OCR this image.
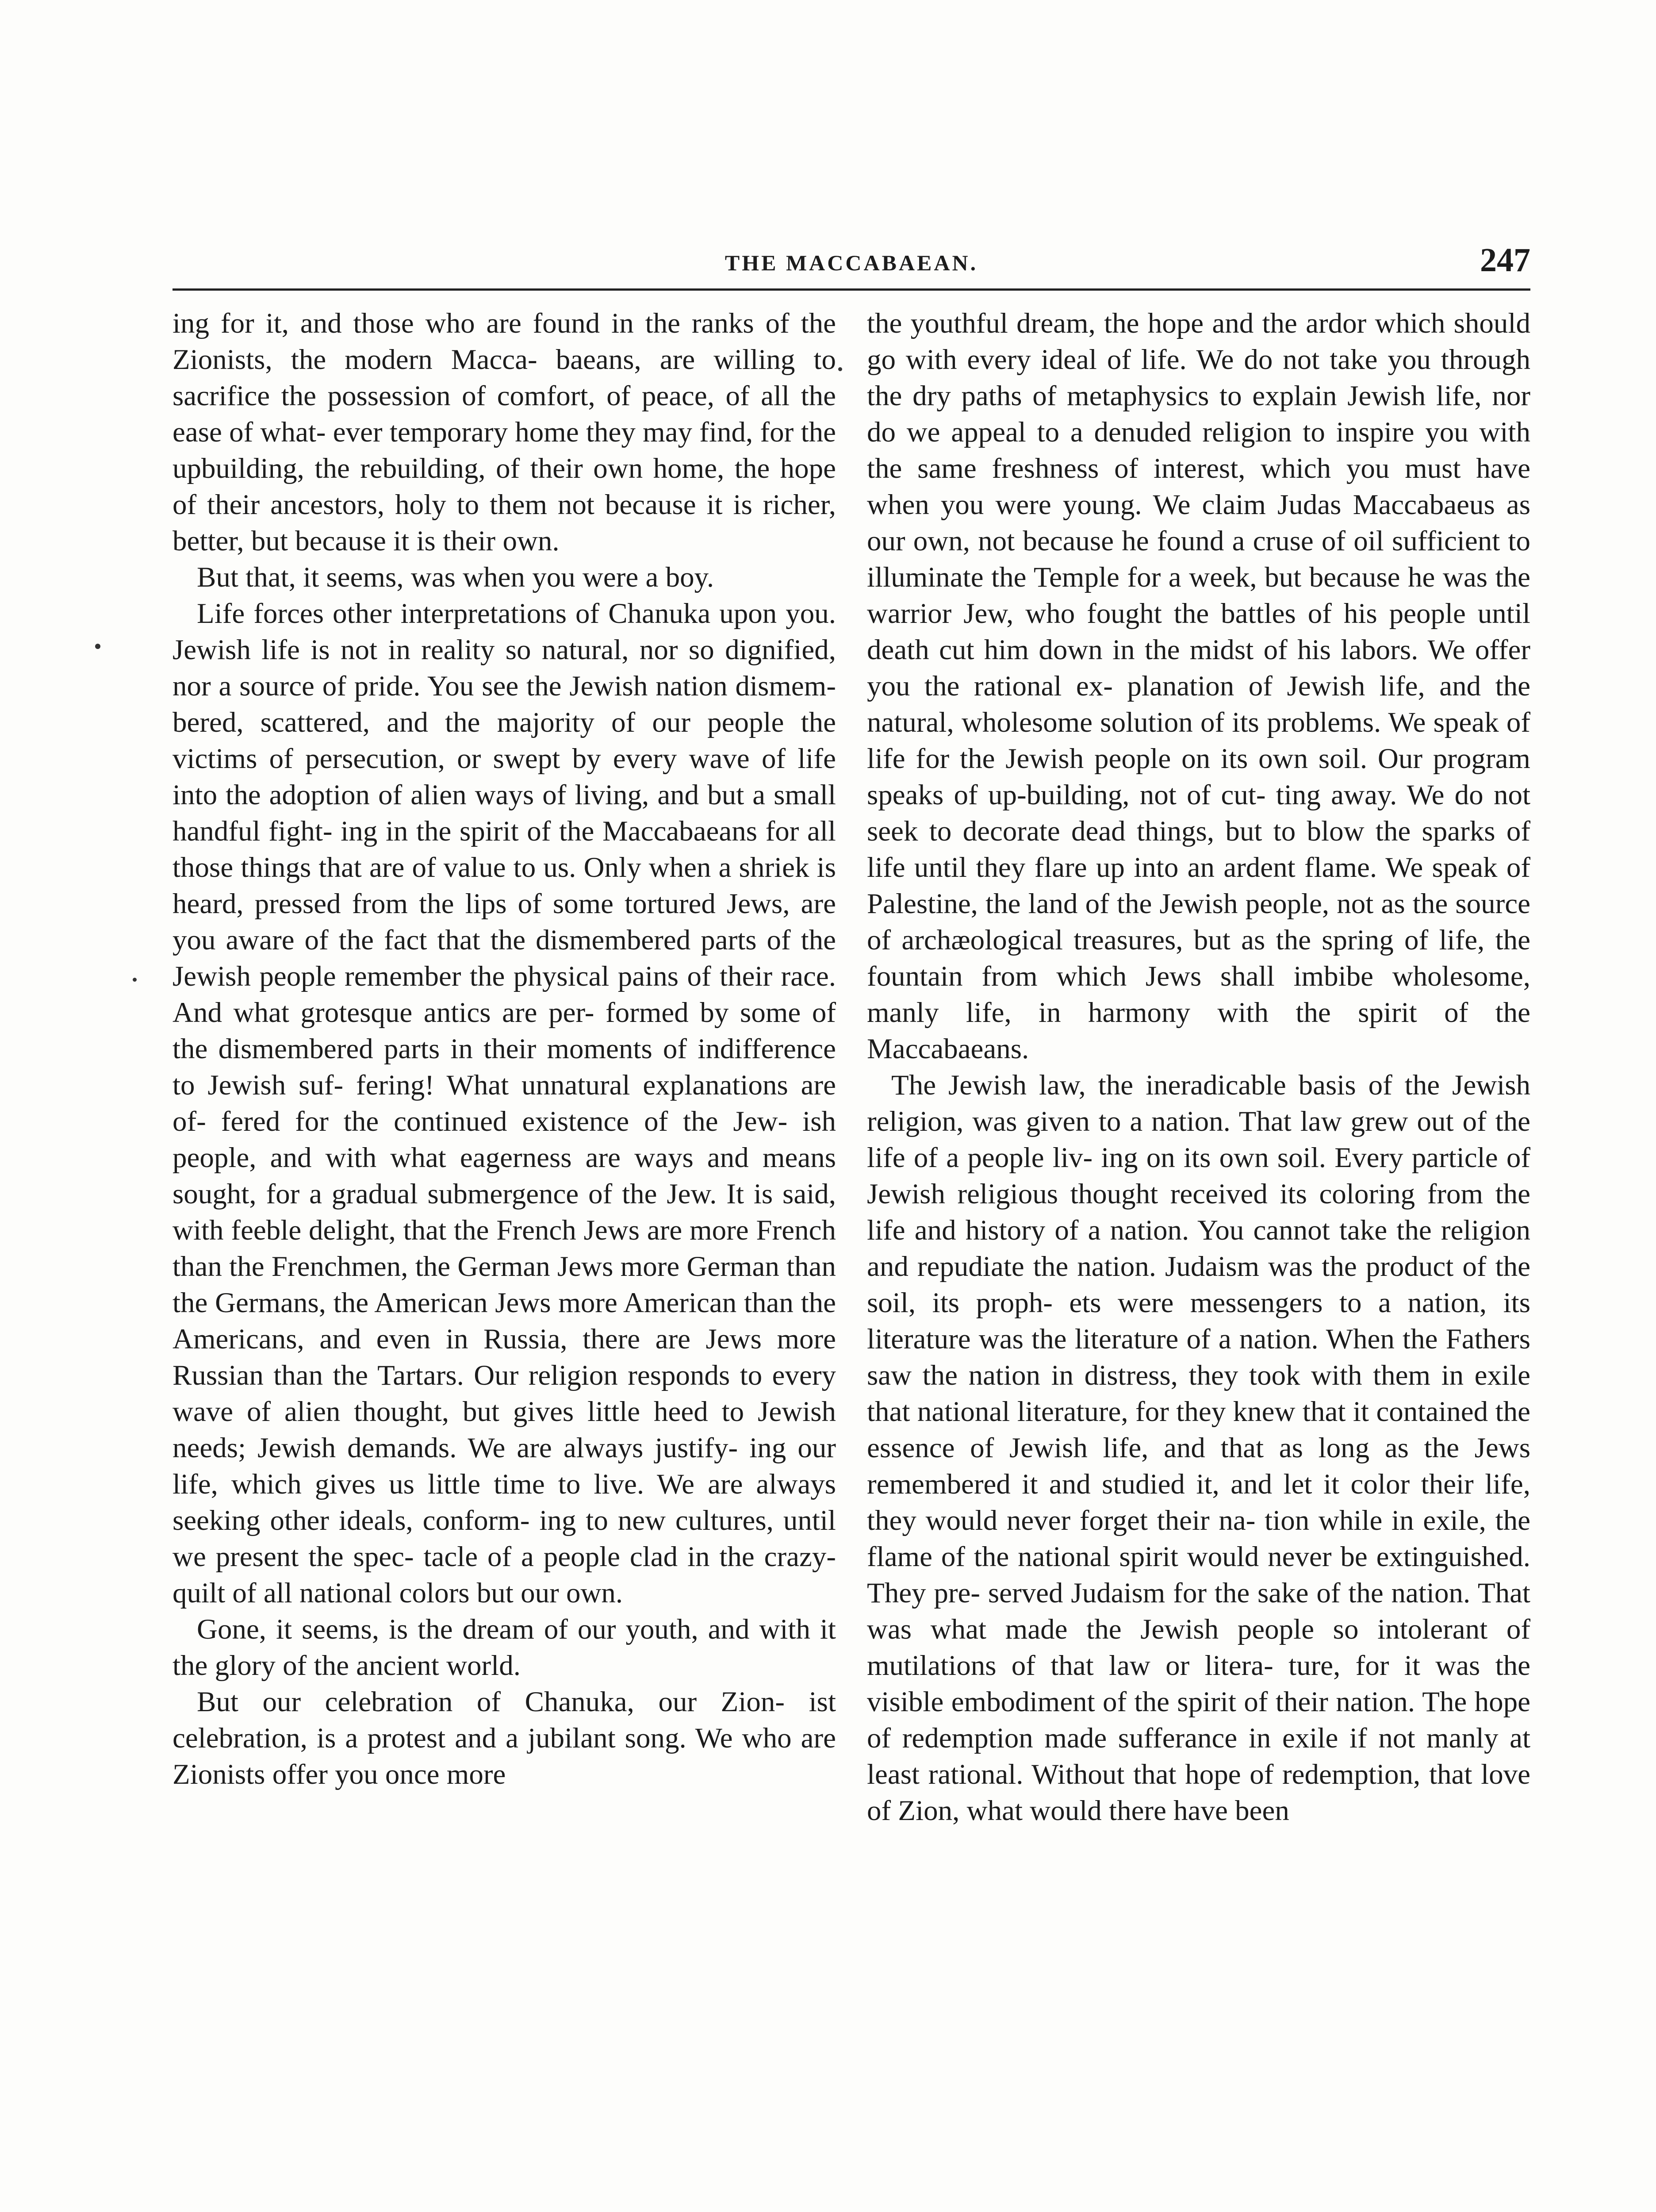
THE MACCABAEAN.	247

ing for it, and those who are found in the ranks of the Zionists, the modern Macca- baeans, are willing to sacrifice the possession of comfort, of peace, of all the ease of what- ever temporary home they may find, for the upbuilding, the rebuilding, of their own home, the hope of their ancestors, holy to them not because it is richer, better, but because it is their own.

But that, it seems, was when you were a boy.

Life forces other interpretations of Chanuka upon you. Jewish life is not in reality so natural, nor so dignified, nor a source of pride. You see the Jewish nation dismem- bered, scattered, and the majority of our people the victims of persecution, or swept by every wave of life into the adoption of alien ways of living, and but a small handful fight- ing in the spirit of the Maccabaeans for all those things that are of value to us. Only when a shriek is heard, pressed from the lips of some tortured Jews, are you aware of the fact that the dismembered parts of the Jewish people remember the physical pains of their race. And what grotesque antics are per- formed by some of the dismembered parts in their moments of indifference to Jewish suf- fering! What unnatural explanations are of- fered for the continued existence of the Jew- ish people, and with what eagerness are ways and means sought, for a gradual submergence of the Jew. It is said, with feeble delight, that the French Jews are more French than the Frenchmen, the German Jews more German than the Germans, the American Jews more American than the Americans, and even in Russia, there are Jews more Russian than the Tartars. Our religion responds to every wave of alien thought, but gives little heed to Jewish needs; Jewish demands. We are always justify- ing our life, which gives us little time to live. We are always seeking other ideals, conform- ing to new cultures, until we present the spec- tacle of a people clad in the crazy-quilt of all national colors but our own.

Gone, it seems, is the dream of our youth, and with it the glory of the ancient world.

But our celebration of Chanuka, our Zion- ist celebration, is a protest and a jubilant song. We who are Zionists offer you once more

the youthful dream, the hope and the ardor which should go with every ideal of life. We do not take you through the dry paths of metaphysics to explain Jewish life, nor do we appeal to a denuded religion to inspire you with the same freshness of interest, which you must have when you were young. We claim Judas Maccabaeus as our own, not because he found a cruse of oil sufficient to illuminate the Temple for a week, but because he was the warrior Jew, who fought the battles of his people until death cut him down in the midst of his labors. We offer you the rational ex- planation of Jewish life, and the natural, wholesome solution of its problems. We speak of life for the Jewish people on its own soil. Our program speaks of up-building, not of cut- ting away. We do not seek to decorate dead things, but to blow the sparks of life until they flare up into an ardent flame. We speak of Palestine, the land of the Jewish people, not as the source of archæological treasures, but as the spring of life, the fountain from which Jews shall imbibe wholesome, manly life, in harmony with the spirit of the Maccabaeans.

The Jewish law, the ineradicable basis of the Jewish religion, was given to a nation. That law grew out of the life of a people liv- ing on its own soil. Every particle of Jewish religious thought received its coloring from the life and history of a nation. You cannot take the religion and repudiate the nation. Judaism was the product of the soil, its proph- ets were messengers to a nation, its literature was the literature of a nation. When the Fathers saw the nation in distress, they took with them in exile that national literature, for they knew that it contained the essence of Jewish life, and that as long as the Jews remembered it and studied it, and let it color their life, they would never forget their na- tion while in exile, the flame of the national spirit would never be extinguished. They pre- served Judaism for the sake of the nation. That was what made the Jewish people so intolerant of mutilations of that law or litera- ture, for it was the visible embodiment of the spirit of their nation. The hope of redemption made sufferance in exile if not manly at least rational. Without that hope of redemption, that love of Zion, what would there have been
